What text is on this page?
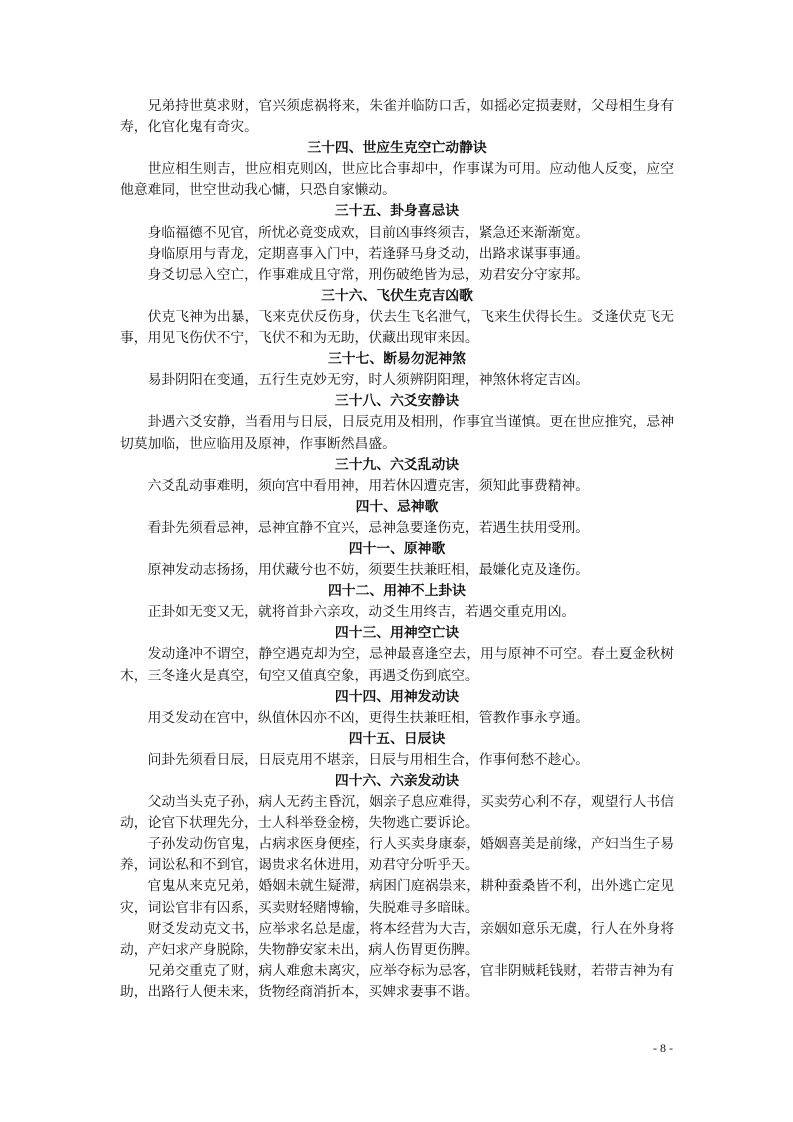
兄弟持世莫求财，官兴须虑祸将来，朱雀并临防口舌，如摇必定损妻财，父母相生身有寿，化官化鬼有奇灾。

三十四、世应生克空亡动静诀

世应相生则吉，世应相克则凶，世应比合事却中，作事谋为可用。应动他人反变，应空他意难同，世空世动我心慵，只恐自家懒动。

三十五、卦身喜忌诀

身临福德不见官，所忧必竟变成欢，目前凶事终须吉，紧急还来渐渐宽。

身临原用与青龙，定期喜事入门中，若逢驿马身爻动，出路求谋事事通。

身爻切忌入空亡，作事难成且守常，刑伤破绝皆为忌，劝君安分守家邦。

三十六、飞伏生克吉凶歌

伏克飞神为出暴，飞来克伏反伤身，伏去生飞名泄气，飞来生伏得长生。爻逢伏克飞无事，用见飞伤伏不宁，飞伏不和为无助，伏藏出现审来因。

三十七、断易勿泥神煞

易卦阴阳在变通，五行生克妙无穷，时人须辨阴阳理，神煞休将定吉凶。

三十八、六爻安静诀

卦遇六爻安静，当看用与日辰，日辰克用及相刑，作事宜当谨慎。更在世应推究，忌神切莫加临，世应临用及原神，作事断然昌盛。

三十九、六爻乱动诀

六爻乱动事难明，须向宫中看用神，用若休囚遭克害，须知此事费精神。

四十、忌神歌

看卦先须看忌神，忌神宜静不宜兴，忌神急要逢伤克，若遇生扶用受刑。

四十一、原神歌

原神发动志扬扬，用伏藏兮也不妨，须要生扶兼旺相，最嫌化克及逢伤。

四十二、用神不上卦诀

正卦如无变又无，就将首卦六亲攻，动爻生用终吉，若遇交重克用凶。

四十三、用神空亡诀

发动逢冲不谓空，静空遇克却为空，忌神最喜逢空去，用与原神不可空。春土夏金秋树木，三冬逢火是真空，旬空又值真空象，再遇爻伤到底空。

四十四、用神发动诀

用爻发动在宫中，纵值休囚亦不凶，更得生扶兼旺相，管教作事永亨通。

四十五、日辰诀

问卦先须看日辰，日辰克用不堪亲，日辰与用相生合，作事何愁不趁心。

四十六、六亲发动诀

父动当头克子孙，病人无药主昏沉，姻亲子息应难得，买卖劳心利不存，观望行人书信动，论官下状理先分，士人科举登金榜，失物逃亡要诉论。

子孙发动伤官鬼，占病求医身便痊，行人买卖身康泰，婚姻喜美是前缘，产妇当生子易养，词讼私和不到官，谒贵求名休进用，劝君守分听乎天。

官鬼从来克兄弟，婚姻未就生疑滞，病困门庭祸祟来，耕种蚕桑皆不利，出外逃亡定见灾，词讼官非有囚系，买卖财轻赌博输，失脱难寻多暗昧。

财爻发动克文书，应举求名总是虚，将本经营为大吉，亲姻如意乐无虞，行人在外身将动，产妇求产身脱除，失物静安家未出，病人伤胃更伤脾。

兄弟交重克了财，病人难愈未离灾，应举夺标为忌客，官非阴贼耗钱财，若带吉神为有助，出路行人便未来，货物经商消折本，买婢求妻事不谐。

- 8 -
